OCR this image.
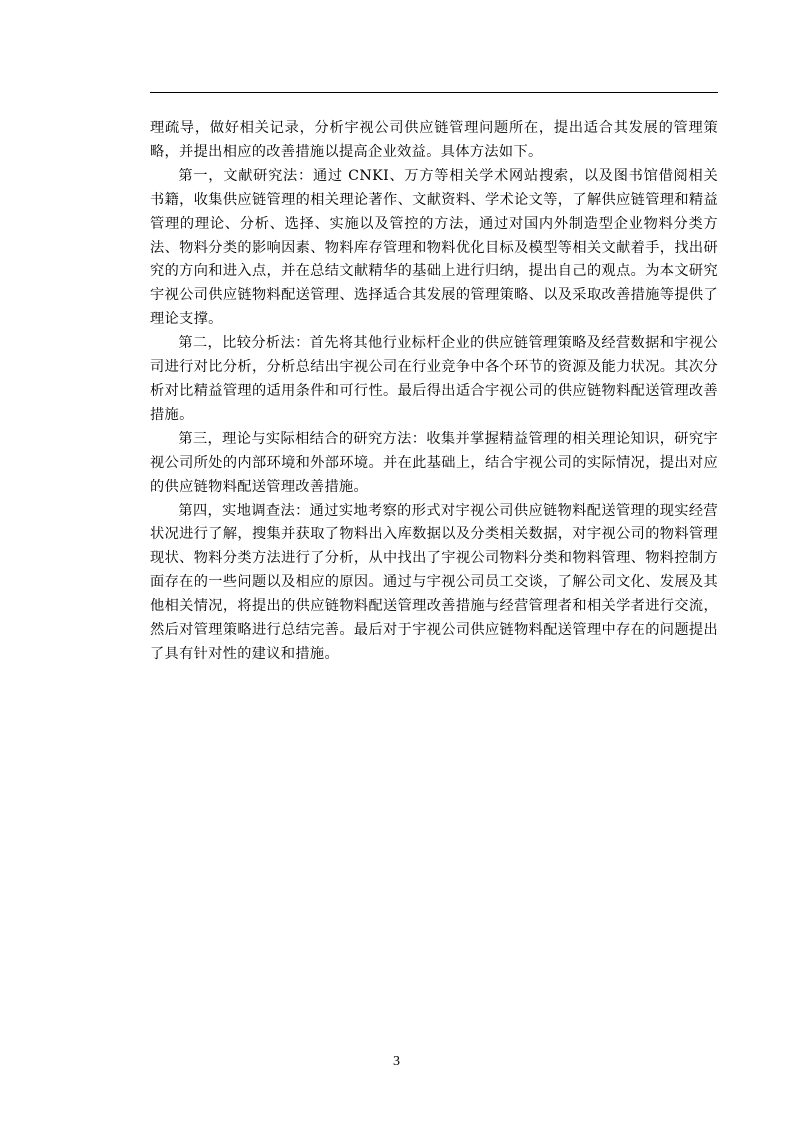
理疏导，做好相关记录，分析宇视公司供应链管理问题所在，提出适合其发展的管理策略，并提出相应的改善措施以提高企业效益。具体方法如下。

第一，文献研究法：通过 CNKI、万方等相关学术网站搜索，以及图书馆借阅相关书籍，收集供应链管理的相关理论著作、文献资料、学术论文等，了解供应链管理和精益管理的理论、分析、选择、实施以及管控的方法，通过对国内外制造型企业物料分类方法、物料分类的影响因素、物料库存管理和物料优化目标及模型等相关文献着手，找出研究的方向和进入点，并在总结文献精华的基础上进行归纳，提出自己的观点。为本文研究宇视公司供应链物料配送管理、选择适合其发展的管理策略、以及采取改善措施等提供了理论支撑。

第二，比较分析法：首先将其他行业标杆企业的供应链管理策略及经营数据和宇视公司进行对比分析，分析总结出宇视公司在行业竞争中各个环节的资源及能力状况。其次分析对比精益管理的适用条件和可行性。最后得出适合宇视公司的供应链物料配送管理改善措施。

第三，理论与实际相结合的研究方法：收集并掌握精益管理的相关理论知识，研究宇视公司所处的内部环境和外部环境。并在此基础上，结合宇视公司的实际情况，提出对应的供应链物料配送管理改善措施。

第四，实地调查法：通过实地考察的形式对宇视公司供应链物料配送管理的现实经营状况进行了解，搜集并获取了物料出入库数据以及分类相关数据，对宇视公司的物料管理现状、物料分类方法进行了分析，从中找出了宇视公司物料分类和物料管理、物料控制方面存在的一些问题以及相应的原因。通过与宇视公司员工交谈，了解公司文化、发展及其他相关情况，将提出的供应链物料配送管理改善措施与经营管理者和相关学者进行交流，然后对管理策略进行总结完善。最后对于宇视公司供应链物料配送管理中存在的问题提出了具有针对性的建议和措施。

3
